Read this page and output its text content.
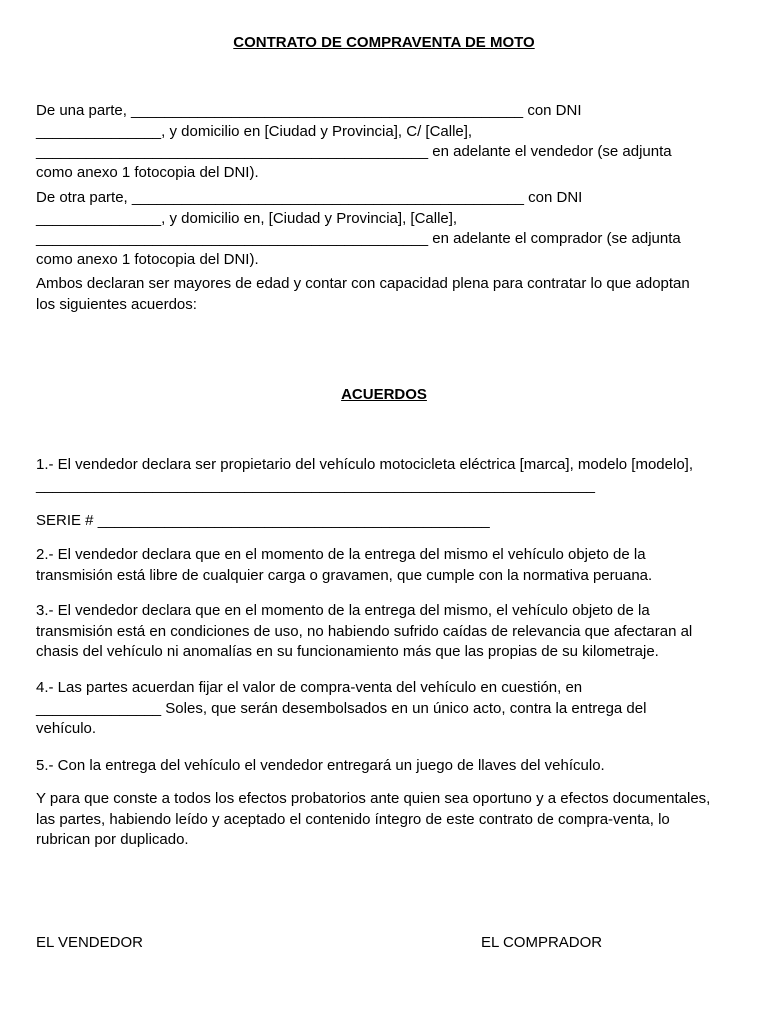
CONTRATO DE COMPRAVENTA DE MOTO
De una parte, _______________________________________________ con DNI
_______________, y domicilio en [Ciudad y Provincia], C/ [Calle],
_______________________________________________ en adelante el vendedor (se adjunta
como anexo 1 fotocopia del DNI).
De otra parte, _______________________________________________ con DNI
_______________, y domicilio en, [Ciudad y Provincia], [Calle],
_______________________________________________ en adelante el comprador (se adjunta
como anexo 1 fotocopia del DNI).
Ambos declaran ser mayores de edad y contar con capacidad plena para contratar lo que adoptan
los siguientes acuerdos:
ACUERDOS
1.- El vendedor declara ser propietario del vehículo motocicleta eléctrica [marca], modelo [modelo],
___________________________________________________________________
SERIE # _______________________________________________
2.- El vendedor declara que en el momento de la entrega del mismo el vehículo objeto de la
transmisión está libre de cualquier carga o gravamen, que cumple con la normativa peruana.
3.- El vendedor declara que en el momento de la entrega del mismo, el vehículo objeto de la
transmisión está en condiciones de uso, no habiendo sufrido caídas de relevancia que afectaran al
chasis del vehículo ni anomalías en su funcionamiento más que las propias de su kilometraje.
4.- Las partes acuerdan fijar el valor de compra-venta del vehículo en cuestión, en
_______________ Soles, que serán desembolsados en un único acto, contra la entrega del
vehículo.
5.- Con la entrega del vehículo el vendedor entregará un juego de llaves del vehículo.
Y para que conste a todos los efectos probatorios ante quien sea oportuno y a efectos documentales,
las partes, habiendo leído y aceptado el contenido íntegro de este contrato de compra-venta, lo
rubrican por duplicado.
EL VENDEDOR	EL COMPRADOR
